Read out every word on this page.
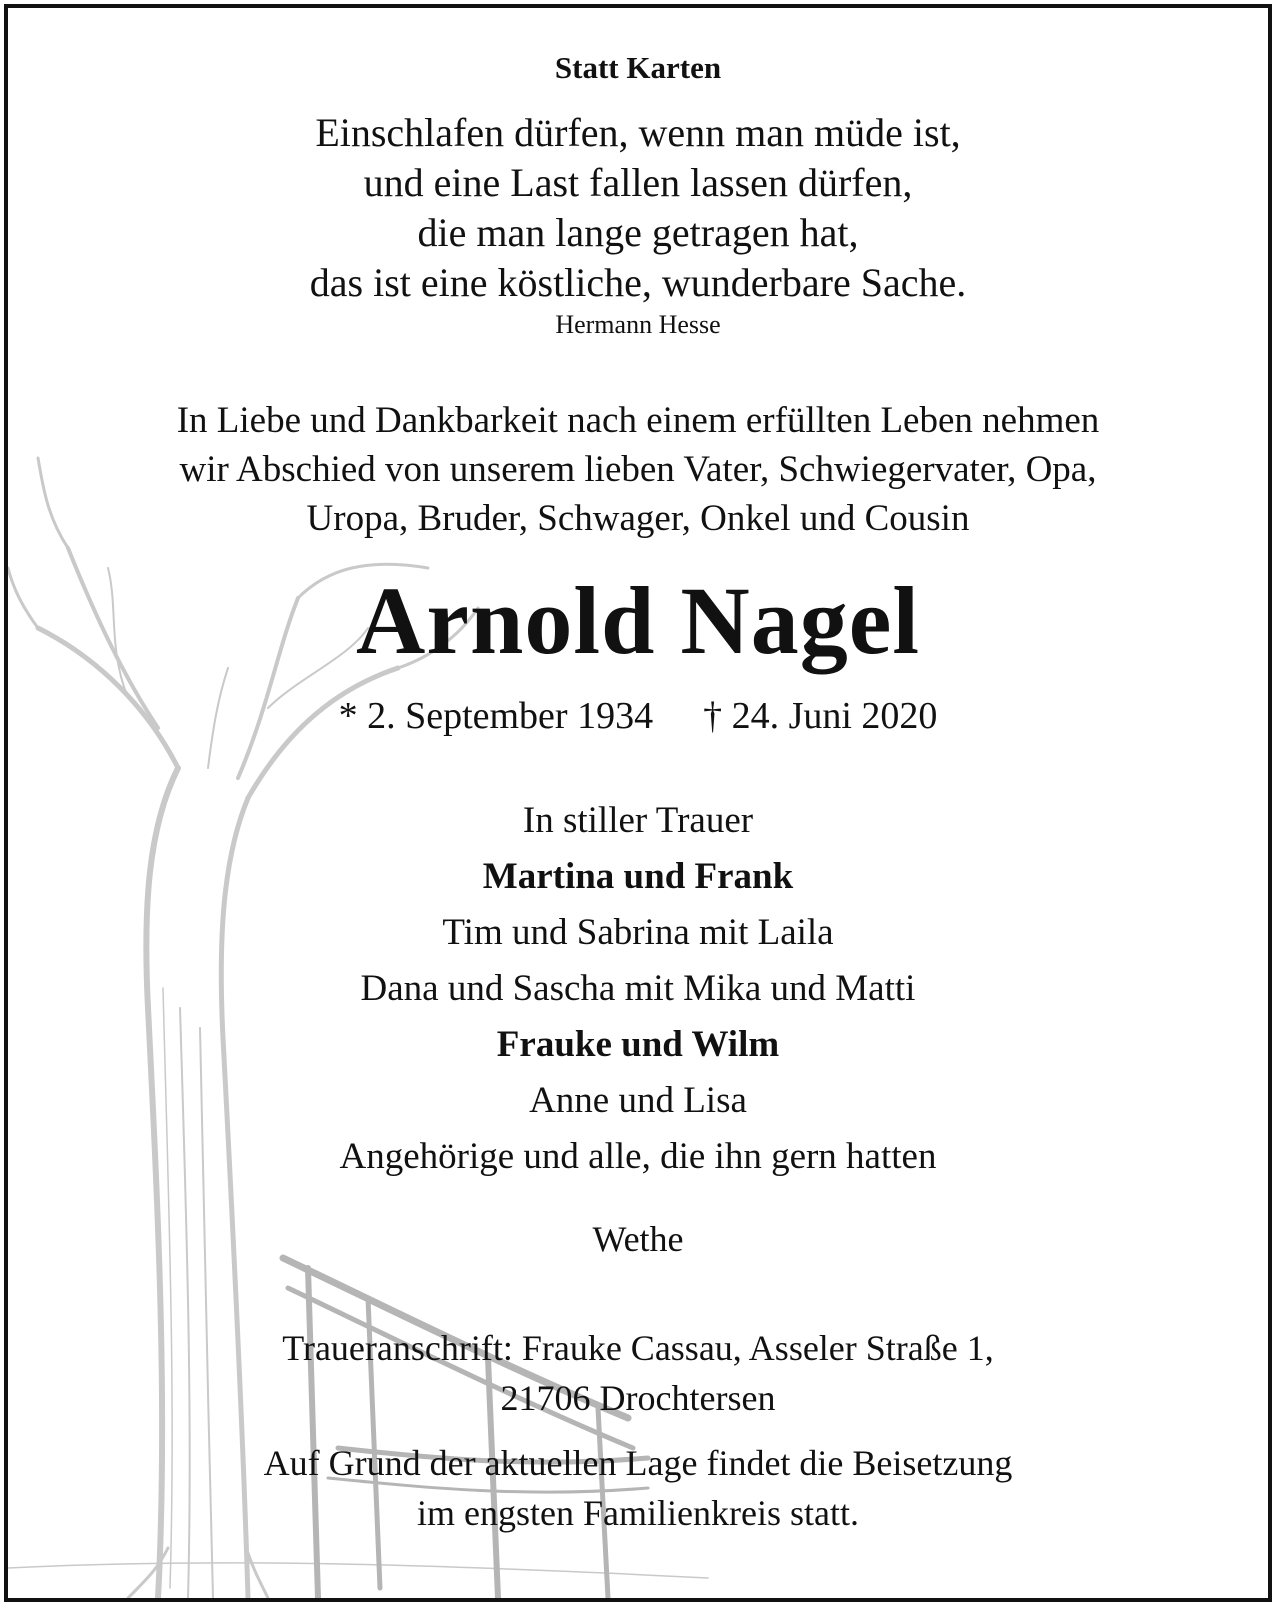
Statt Karten
Einschlafen dürfen, wenn man müde ist,
und eine Last fallen lassen dürfen,
die man lange getragen hat,
das ist eine köstliche, wunderbare Sache.
Hermann Hesse
In Liebe und Dankbarkeit nach einem erfüllten Leben nehmen
wir Abschied von unserem lieben Vater, Schwiegervater, Opa,
Uropa, Bruder, Schwager, Onkel und Cousin
Arnold Nagel
* 2. September 1934 † 24. Juni 2020
In stiller Trauer
Martina und Frank
Tim und Sabrina mit Laila
Dana und Sascha mit Mika und Matti
Frauke und Wilm
Anne und Lisa
Angehörige und alle, die ihn gern hatten
Wethe
Traueranschrift: Frauke Cassau, Asseler Straße 1,
21706 Drochtersen
Auf Grund der aktuellen Lage findet die Beisetzung
im engsten Familienkreis statt.
